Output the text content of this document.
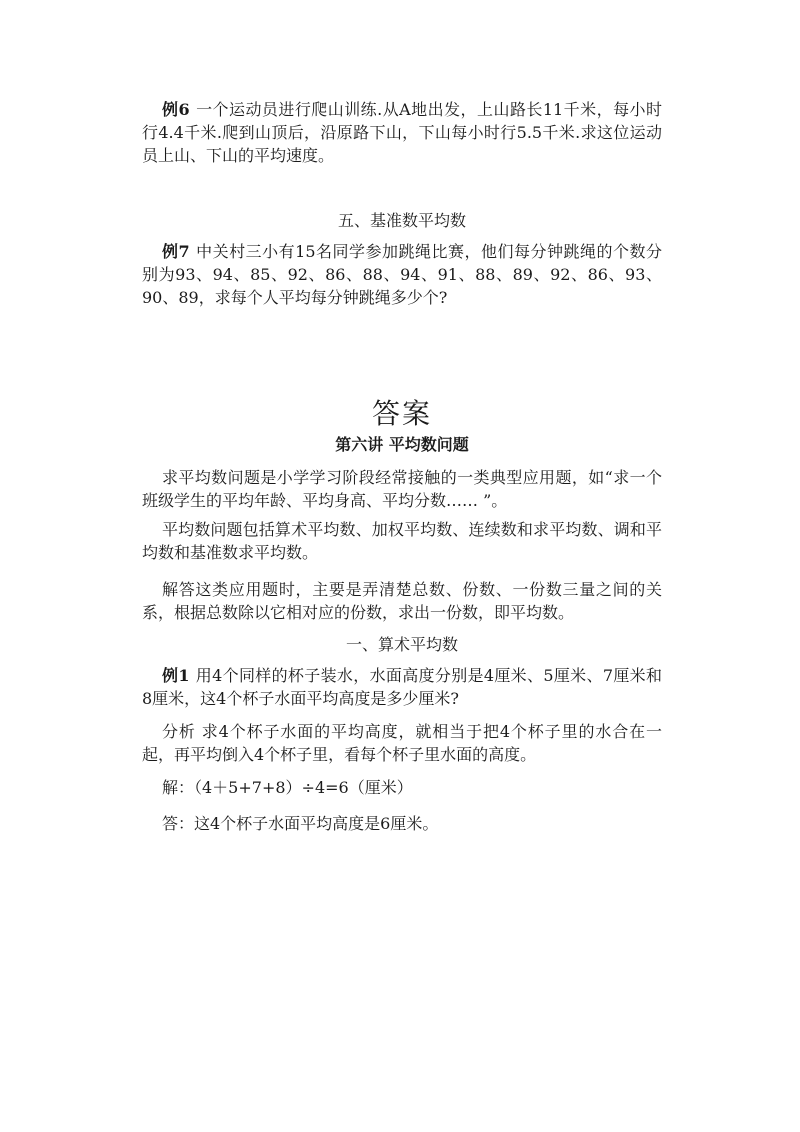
例6 一个运动员进行爬山训练.从A地出发，上山路长11千米，每小时行4.4千米.爬到山顶后，沿原路下山，下山每小时行5.5千米.求这位运动员上山、下山的平均速度。

五、基准数平均数

例7 中关村三小有15名同学参加跳绳比赛，他们每分钟跳绳的个数分别为93、94、85、92、86、88、94、91、88、89、92、86、93、90、89，求每个人平均每分钟跳绳多少个?

答案

第六讲 平均数问题

求平均数问题是小学学习阶段经常接触的一类典型应用题，如“求一个班级学生的平均年龄、平均身高、平均分数…… ”。

平均数问题包括算术平均数、加权平均数、连续数和求平均数、调和平均数和基准数求平均数。

解答这类应用题时，主要是弄清楚总数、份数、一份数三量之间的关系，根据总数除以它相对应的份数，求出一份数，即平均数。

一、算术平均数

例1 用4个同样的杯子装水，水面高度分别是4厘米、5厘米、7厘米和8厘米，这4个杯子水面平均高度是多少厘米?

分析 求4个杯子水面的平均高度，就相当于把4个杯子里的水合在一起，再平均倒入4个杯子里，看每个杯子里水面的高度。

解：（4＋5+7+8）÷4=6（厘米）

答：这4个杯子水面平均高度是6厘米。
